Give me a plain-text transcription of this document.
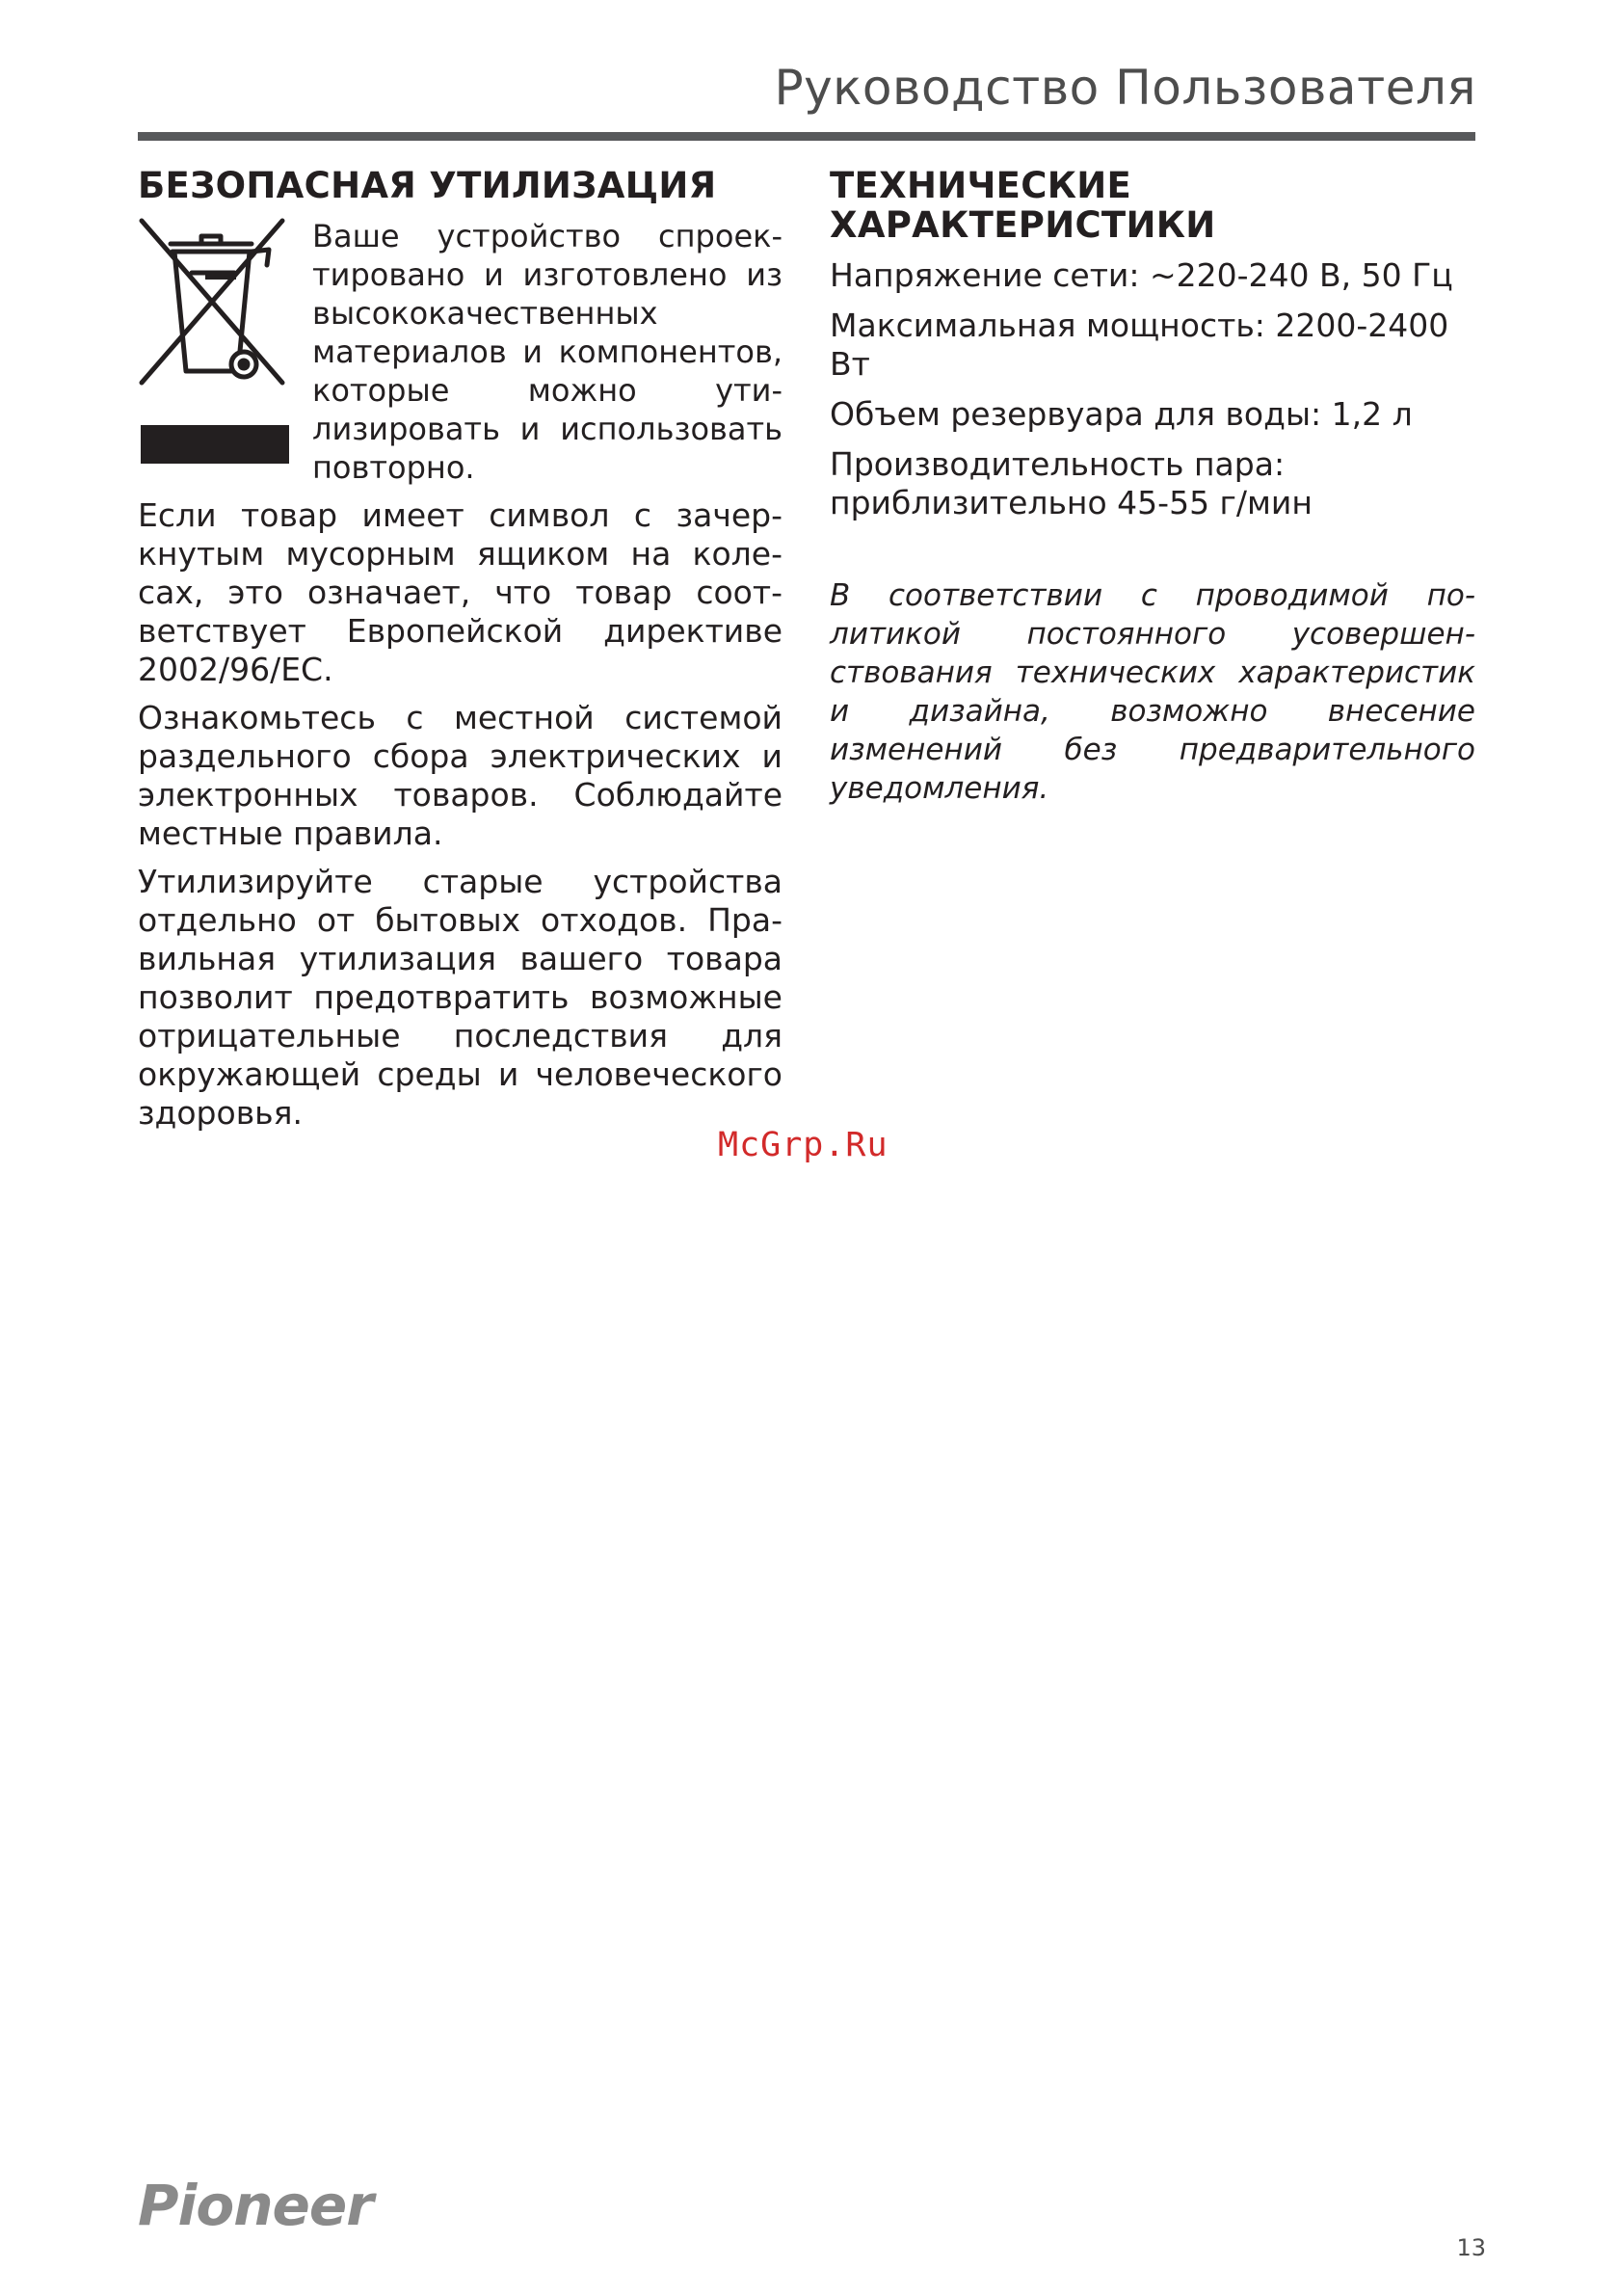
Руководство Пользователя
БЕЗОПАСНАЯ УТИЛИЗАЦИЯ

Ваше устройство спроектировано и изготовлено из высококачественных материалов и компонентов, которые можно утилизировать и использовать повторно.

Если товар имеет символ с зачеркнутым мусорным ящиком на колесах, это означает, что товар соответствует Европейской директиве 2002/96/EC.

Ознакомьтесь с местной системой раздельного сбора электрических и электронных товаров. Соблюдайте местные правила.

Утилизируйте старые устройства отдельно от бытовых отходов. Правильная утилизация вашего товара позволит предотвратить возможные отрицательные последствия для окружающей среды и человеческого здоровья.

ТЕХНИЧЕСКИЕ ХАРАКТЕРИСТИКИ

Напряжение сети: ~220-240 В, 50 Гц

Максимальная мощность: 2200-2400 Вт

Объем резервуара для воды: 1,2 л

Производительность пара: приблизительно 45-55 г/мин

В соответствии с проводимой политикой постоянного усовершенствования технических характеристик и дизайна, возможно внесение изменений без предварительного уведомления.

McGrp.Ru
Pioneer
13
